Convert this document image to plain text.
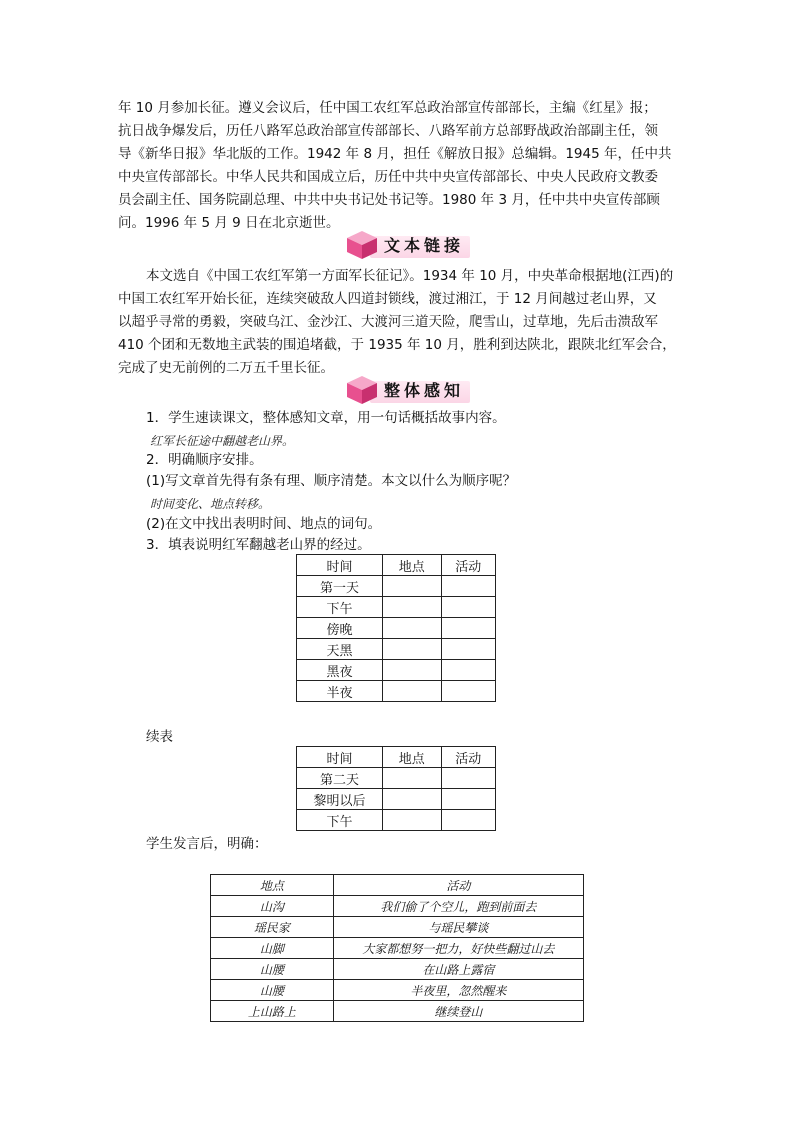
年 10 月参加长征。遵义会议后，任中国工农红军总政治部宣传部部长，主编《红星》报；
抗日战争爆发后，历任八路军总政治部宣传部部长、八路军前方总部野战政治部副主任，领
导《新华日报》华北版的工作。1942 年 8 月，担任《解放日报》总编辑。1945 年，任中共
中央宣传部部长。中华人民共和国成立后，历任中共中央宣传部部长、中央人民政府文教委
员会副主任、国务院副总理、中共中央书记处书记等。1980 年 3 月，任中共中央宣传部顾
问。1996 年 5 月 9 日在北京逝世。
文本链接
本文选自《中国工农红军第一方面军长征记》。1934 年 10 月，中央革命根据地(江西)的
中国工农红军开始长征，连续突破敌人四道封锁线，渡过湘江，于 12 月间越过老山界，又
以超乎寻常的勇毅，突破乌江、金沙江、大渡河三道天险，爬雪山，过草地，先后击溃敌军
410 个团和无数地主武装的围追堵截，于 1935 年 10 月，胜利到达陕北，跟陕北红军会合，
完成了史无前例的二万五千里长征。
整体感知

1．学生速读课文，整体感知文章，用一句话概括故事内容。

红军长征途中翻越老山界。

2．明确顺序安排。

(1)写文章首先得有条有理、顺序清楚。本文以什么为顺序呢？

时间变化、地点转移。

(2)在文中找出表明时间、地点的词句。

3．填表说明红军翻越老山界的经过。

时间	地点	活动
第一天		
下午		
傍晚		
天黑		
黑夜		
半夜		

续表

时间	地点	活动
第二天		
黎明以后		
下午		

学生发言后，明确：

地点	活动
山沟	我们偷了个空儿，跑到前面去
瑶民家	与瑶民攀谈
山脚	大家都想努一把力，好快些翻过山去
山腰	在山路上露宿
山腰	半夜里，忽然醒来
上山路上	继续登山
